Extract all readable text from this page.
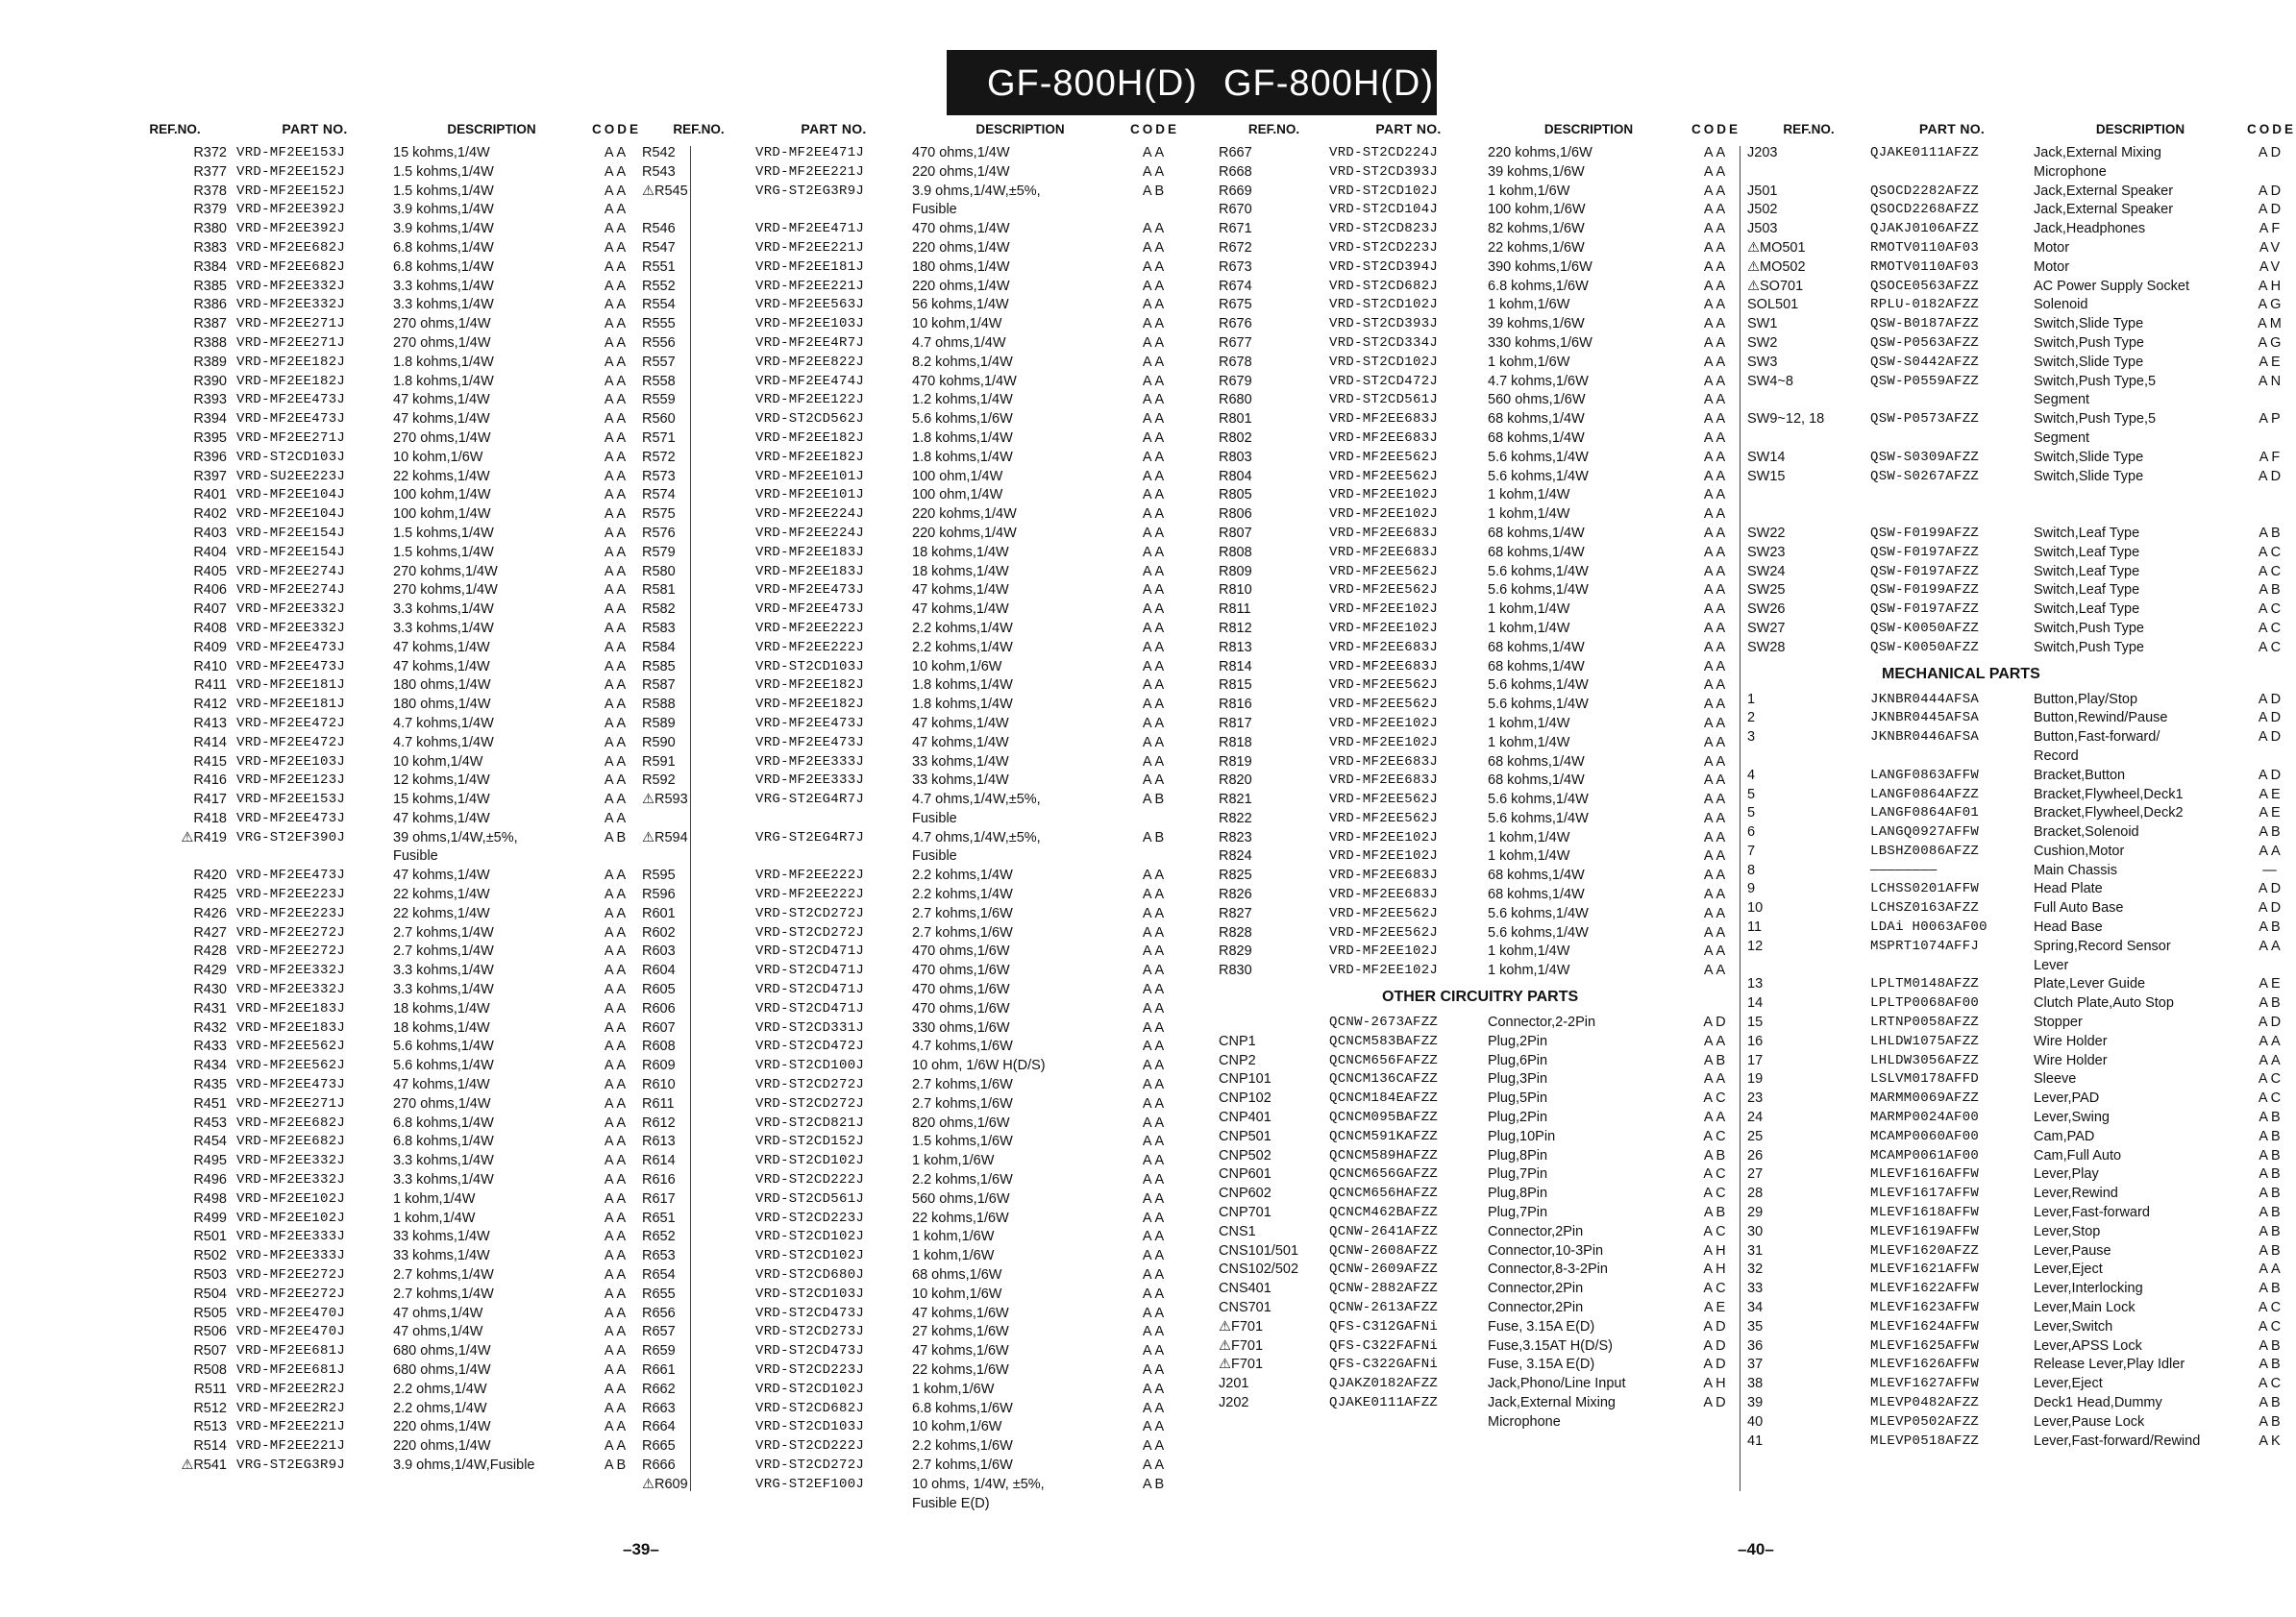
GF-800H(D) GF-800H(D)
REF.NO.	PART NO.	DESCRIPTION	CODE
R372 VRD-MF2EE153J	15 kohms,1/4W	AA
R377 VRD-MF2EE152J	1.5 kohms,1/4W	AA
R378 VRD-MF2EE152J	1.5 kohms,1/4W	AA
R379 VRD-MF2EE392J	3.9 kohms,1/4W	AA
R380 VRD-MF2EE392J	3.9 kohms,1/4W	AA
R383 VRD-MF2EE682J	6.8 kohms,1/4W	AA
R384 VRD-MF2EE682J	6.8 kohms,1/4W	AA
R385 VRD-MF2EE332J	3.3 kohms,1/4W	AA
R386 VRD-MF2EE332J	3.3 kohms,1/4W	AA
R387 VRD-MF2EE271J	270 ohms,1/4W	AA
R388 VRD-MF2EE271J	270 ohms,1/4W	AA
R389 VRD-MF2EE182J	1.8 kohms,1/4W	AA
R390 VRD-MF2EE182J	1.8 kohms,1/4W	AA
R393 VRD-MF2EE473J	47 kohms,1/4W	AA
R394 VRD-MF2EE473J	47 kohms,1/4W	AA
R395 VRD-MF2EE271J	270 ohms,1/4W	AA
R396 VRD-ST2CD103J	10 kohm,1/6W	AA
R397 VRD-SU2EE223J	22 kohms,1/4W	AA
R401 VRD-MF2EE104J	100 kohm,1/4W	AA
R402 VRD-MF2EE104J	100 kohm,1/4W	AA
R403 VRD-MF2EE154J	1.5 kohms,1/4W	AA
R404 VRD-MF2EE154J	1.5 kohms,1/4W	AA
R405 VRD-MF2EE274J	270 kohms,1/4W	AA
R406 VRD-MF2EE274J	270 kohms,1/4W	AA
R407 VRD-MF2EE332J	3.3 kohms,1/4W	AA
R408 VRD-MF2EE332J	3.3 kohms,1/4W	AA
R409 VRD-MF2EE473J	47 kohms,1/4W	AA
R410 VRD-MF2EE473J	47 kohms,1/4W	AA
R411 VRD-MF2EE181J	180 ohms,1/4W	AA
R412 VRD-MF2EE181J	180 ohms,1/4W	AA
R413 VRD-MF2EE472J	4.7 kohms,1/4W	AA
R414 VRD-MF2EE472J	4.7 kohms,1/4W	AA
R415 VRD-MF2EE103J	10 kohm,1/4W	AA
R416 VRD-MF2EE123J	12 kohms,1/4W	AA
R417 VRD-MF2EE153J	15 kohms,1/4W	AA
R418 VRD-MF2EE473J	47 kohms,1/4W	AA
⚠R419 VRG-ST2EF390J	39 ohms,1/4W,±5%,	AB
Fusible
R420 VRD-MF2EE473J	47 kohms,1/4W	AA
R425 VRD-MF2EE223J	22 kohms,1/4W	AA
R426 VRD-MF2EE223J	22 kohms,1/4W	AA
R427 VRD-MF2EE272J	2.7 kohms,1/4W	AA
R428 VRD-MF2EE272J	2.7 kohms,1/4W	AA
R429 VRD-MF2EE332J	3.3 kohms,1/4W	AA
R430 VRD-MF2EE332J	3.3 kohms,1/4W	AA
R431 VRD-MF2EE183J	18 kohms,1/4W	AA
R432 VRD-MF2EE183J	18 kohms,1/4W	AA
R433 VRD-MF2EE562J	5.6 kohms,1/4W	AA
R434 VRD-MF2EE562J	5.6 kohms,1/4W	AA
R435 VRD-MF2EE473J	47 kohms,1/4W	AA
R451 VRD-MF2EE271J	270 ohms,1/4W	AA
R453 VRD-MF2EE682J	6.8 kohms,1/4W	AA
R454 VRD-MF2EE682J	6.8 kohms,1/4W	AA
R495 VRD-MF2EE332J	3.3 kohms,1/4W	AA
R496 VRD-MF2EE332J	3.3 kohms,1/4W	AA
R498 VRD-MF2EE102J	1 kohm,1/4W	AA
R499 VRD-MF2EE102J	1 kohm,1/4W	AA
R501 VRD-MF2EE333J	33 kohms,1/4W	AA
R502 VRD-MF2EE333J	33 kohms,1/4W	AA
R503 VRD-MF2EE272J	2.7 kohms,1/4W	AA
R504 VRD-MF2EE272J	2.7 kohms,1/4W	AA
R505 VRD-MF2EE470J	47 ohms,1/4W	AA
R506 VRD-MF2EE470J	47 ohms,1/4W	AA
R507 VRD-MF2EE681J	680 ohms,1/4W	AA
R508 VRD-MF2EE681J	680 ohms,1/4W	AA
R511 VRD-MF2EE2R2J	2.2 ohms,1/4W	AA
R512 VRD-MF2EE2R2J	2.2 ohms,1/4W	AA
R513 VRD-MF2EE221J	220 ohms,1/4W	AA
R514 VRD-MF2EE221J	220 ohms,1/4W	AA
⚠R541 VRG-ST2EG3R9J	3.9 ohms,1/4W,Fusible	AB
REF.NO.	PART NO.	DESCRIPTION	CODE
R542	VRD-MF2EE471J	470 ohms,1/4W	AA
R543	VRD-MF2EE221J	220 ohms,1/4W	AA
⚠R545	VRG-ST2EG3R9J	3.9 ohms,1/4W,±5%,	AB
Fusible
R546	VRD-MF2EE471J	470 ohms,1/4W	AA
R547	VRD-MF2EE221J	220 ohms,1/4W	AA
R551	VRD-MF2EE181J	180 ohms,1/4W	AA
R552	VRD-MF2EE221J	220 ohms,1/4W	AA
R554	VRD-MF2EE563J	56 kohms,1/4W	AA
R555	VRD-MF2EE103J	10 kohm,1/4W	AA
R556	VRD-MF2EE4R7J	4.7 ohms,1/4W	AA
R557	VRD-MF2EE822J	8.2 kohms,1/4W	AA
R558	VRD-MF2EE474J	470 kohms,1/4W	AA
R559	VRD-MF2EE122J	1.2 kohms,1/4W	AA
R560	VRD-ST2CD562J	5.6 kohms,1/6W	AA
R571	VRD-MF2EE182J	1.8 kohms,1/4W	AA
R572	VRD-MF2EE182J	1.8 kohms,1/4W	AA
R573	VRD-MF2EE101J	100 ohm,1/4W	AA
R574	VRD-MF2EE101J	100 ohm,1/4W	AA
R575	VRD-MF2EE224J	220 kohms,1/4W	AA
R576	VRD-MF2EE224J	220 kohms,1/4W	AA
R579	VRD-MF2EE183J	18 kohms,1/4W	AA
R580	VRD-MF2EE183J	18 kohms,1/4W	AA
R581	VRD-MF2EE473J	47 kohms,1/4W	AA
R582	VRD-MF2EE473J	47 kohms,1/4W	AA
R583	VRD-MF2EE222J	2.2 kohms,1/4W	AA
R584	VRD-MF2EE222J	2.2 kohms,1/4W	AA
R585	VRD-ST2CD103J	10 kohm,1/6W	AA
R587	VRD-MF2EE182J	1.8 kohms,1/4W	AA
R588	VRD-MF2EE182J	1.8 kohms,1/4W	AA
R589	VRD-MF2EE473J	47 kohms,1/4W	AA
R590	VRD-MF2EE473J	47 kohms,1/4W	AA
R591	VRD-MF2EE333J	33 kohms,1/4W	AA
R592	VRD-MF2EE333J	33 kohms,1/4W	AA
⚠R593	VRG-ST2EG4R7J	4.7 ohms,1/4W,±5%,	AB
Fusible
⚠R594	VRG-ST2EG4R7J	4.7 ohms,1/4W,±5%,	AB
Fusible
R595	VRD-MF2EE222J	2.2 kohms,1/4W	AA
R596	VRD-MF2EE222J	2.2 kohms,1/4W	AA
R601	VRD-ST2CD272J	2.7 kohms,1/6W	AA
R602	VRD-ST2CD272J	2.7 kohms,1/6W	AA
R603	VRD-ST2CD471J	470 ohms,1/6W	AA
R604	VRD-ST2CD471J	470 ohms,1/6W	AA
R605	VRD-ST2CD471J	470 ohms,1/6W	AA
R606	VRD-ST2CD471J	470 ohms,1/6W	AA
R607	VRD-ST2CD331J	330 ohms,1/6W	AA
R608	VRD-ST2CD472J	4.7 kohms,1/6W	AA
R609	VRD-ST2CD100J	10 ohm, 1/6W H(D/S)	AA
R610	VRD-ST2CD272J	2.7 kohms,1/6W	AA
R611	VRD-ST2CD272J	2.7 kohms,1/6W	AA
R612	VRD-ST2CD821J	820 ohms,1/6W	AA
R613	VRD-ST2CD152J	1.5 kohms,1/6W	AA
R614	VRD-ST2CD102J	1 kohm,1/6W	AA
R616	VRD-ST2CD222J	2.2 kohms,1/6W	AA
R617	VRD-ST2CD561J	560 ohms,1/6W	AA
R651	VRD-ST2CD223J	22 kohms,1/6W	AA
R652	VRD-ST2CD102J	1 kohm,1/6W	AA
R653	VRD-ST2CD102J	1 kohm,1/6W	AA
R654	VRD-ST2CD680J	68 ohms,1/6W	AA
R655	VRD-ST2CD103J	10 kohm,1/6W	AA
R656	VRD-ST2CD473J	47 kohms,1/6W	AA
R657	VRD-ST2CD273J	27 kohms,1/6W	AA
R659	VRD-ST2CD473J	47 kohms,1/6W	AA
R661	VRD-ST2CD223J	22 kohms,1/6W	AA
R662	VRD-ST2CD102J	1 kohm,1/6W	AA
R663	VRD-ST2CD682J	6.8 kohms,1/6W	AA
R664	VRD-ST2CD103J	10 kohm,1/6W	AA
R665	VRD-ST2CD222J	2.2 kohms,1/6W	AA
R666	VRD-ST2CD272J	2.7 kohms,1/6W	AA
⚠R609	VRG-ST2EF100J	10 ohms, 1/4W, ±5%,	AB
Fusible E(D)
REF.NO.	PART NO.	DESCRIPTION	CODE
R667	VRD-ST2CD224J	220 kohms,1/6W	AA
R668	VRD-ST2CD393J	39 kohms,1/6W	AA
R669	VRD-ST2CD102J	1 kohm,1/6W	AA
R670	VRD-ST2CD104J	100 kohm,1/6W	AA
R671	VRD-ST2CD823J	82 kohms,1/6W	AA
R672	VRD-ST2CD223J	22 kohms,1/6W	AA
R673	VRD-ST2CD394J	390 kohms,1/6W	AA
R674	VRD-ST2CD682J	6.8 kohms,1/6W	AA
R675	VRD-ST2CD102J	1 kohm,1/6W	AA
R676	VRD-ST2CD393J	39 kohms,1/6W	AA
R677	VRD-ST2CD334J	330 kohms,1/6W	AA
R678	VRD-ST2CD102J	1 kohm,1/6W	AA
R679	VRD-ST2CD472J	4.7 kohms,1/6W	AA
R680	VRD-ST2CD561J	560 ohms,1/6W	AA
R801	VRD-MF2EE683J	68 kohms,1/4W	AA
R802	VRD-MF2EE683J	68 kohms,1/4W	AA
R803	VRD-MF2EE562J	5.6 kohms,1/4W	AA
R804	VRD-MF2EE562J	5.6 kohms,1/4W	AA
R805	VRD-MF2EE102J	1 kohm,1/4W	AA
R806	VRD-MF2EE102J	1 kohm,1/4W	AA
R807	VRD-MF2EE683J	68 kohms,1/4W	AA
R808	VRD-MF2EE683J	68 kohms,1/4W	AA
R809	VRD-MF2EE562J	5.6 kohms,1/4W	AA
R810	VRD-MF2EE562J	5.6 kohms,1/4W	AA
R811	VRD-MF2EE102J	1 kohm,1/4W	AA
R812	VRD-MF2EE102J	1 kohm,1/4W	AA
R813	VRD-MF2EE683J	68 kohms,1/4W	AA
R814	VRD-MF2EE683J	68 kohms,1/4W	AA
R815	VRD-MF2EE562J	5.6 kohms,1/4W	AA
R816	VRD-MF2EE562J	5.6 kohms,1/4W	AA
R817	VRD-MF2EE102J	1 kohm,1/4W	AA
R818	VRD-MF2EE102J	1 kohm,1/4W	AA
R819	VRD-MF2EE683J	68 kohms,1/4W	AA
R820	VRD-MF2EE683J	68 kohms,1/4W	AA
R821	VRD-MF2EE562J	5.6 kohms,1/4W	AA
R822	VRD-MF2EE562J	5.6 kohms,1/4W	AA
R823	VRD-MF2EE102J	1 kohm,1/4W	AA
R824	VRD-MF2EE102J	1 kohm,1/4W	AA
R825	VRD-MF2EE683J	68 kohms,1/4W	AA
R826	VRD-MF2EE683J	68 kohms,1/4W	AA
R827	VRD-MF2EE562J	5.6 kohms,1/4W	AA
R828	VRD-MF2EE562J	5.6 kohms,1/4W	AA
R829	VRD-MF2EE102J	1 kohm,1/4W	AA
R830	VRD-MF2EE102J	1 kohm,1/4W	AA
OTHER CIRCUITRY PARTS
QCNW-2673AFZZ	Connector,2-2Pin	AD
CNP1	QCNCM583BAFZZ	Plug,2Pin	AA
CNP2	QCNCM656FAFZZ	Plug,6Pin	AB
CNP101	QCNCM136CAFZZ	Plug,3Pin	AA
CNP102	QCNCM184EAFZZ	Plug,5Pin	AC
CNP401	QCNCM095BAFZZ	Plug,2Pin	AA
CNP501	QCNCM591KAFZZ	Plug,10Pin	AC
CNP502	QCNCM589HAFZZ	Plug,8Pin	AB
CNP601	QCNCM656GAFZZ	Plug,7Pin	AC
CNP602	QCNCM656HAFZZ	Plug,8Pin	AC
CNP701	QCNCM462BAFZZ	Plug,7Pin	AB
CNS1	QCNW-2641AFZZ	Connector,2Pin	AC
CNS101/501	QCNW-2608AFZZ	Connector,10-3Pin	AH
CNS102/502	QCNW-2609AFZZ	Connector,8-3-2Pin	AH
CNS401	QCNW-2882AFZZ	Connector,2Pin	AC
CNS701	QCNW-2613AFZZ	Connector,2Pin	AE
⚠F701	QFS-C312GAFNi	Fuse, 3.15A E(D)	AD
⚠F701	QFS-C322FAFNi	Fuse,3.15AT H(D/S)	AD
⚠F701	QFS-C322GAFNi	Fuse, 3.15A E(D)	AD
J201	QJAKZ0182AFZZ	Jack,Phono/Line Input	AH
J202	QJAKE0111AFZZ	Jack,External Mixing	AD
Microphone
REF.NO.	PART NO.	DESCRIPTION	CODE
J203	QJAKE0111AFZZ	Jack,External Mixing	AD
Microphone
J501	QSOCD2282AFZZ	Jack,External Speaker	AD
J502	QSOCD2268AFZZ	Jack,External Speaker	AD
J503	QJAKJ0106AFZZ	Jack,Headphones	AF
⚠MO501	RMOTV0110AF03	Motor	AV
⚠MO502	RMOTV0110AF03	Motor	AV
⚠SO701	QSOCE0563AFZZ	AC Power Supply Socket	AH
SOL501	RPLU-0182AFZZ	Solenoid	AG
SW1	QSW-B0187AFZZ	Switch,Slide Type	AM
SW2	QSW-P0563AFZZ	Switch,Push Type	AG
SW3	QSW-S0442AFZZ	Switch,Slide Type	AE
SW4~8	QSW-P0559AFZZ	Switch,Push Type,5	AN
Segment
SW9~12, 18	QSW-P0573AFZZ	Switch,Push Type,5	AP
Segment
SW14	QSW-S0309AFZZ	Switch,Slide Type	AF
SW15	QSW-S0267AFZZ	Switch,Slide Type	AD
SW22	QSW-F0199AFZZ	Switch,Leaf Type	AB
SW23	QSW-F0197AFZZ	Switch,Leaf Type	AC
SW24	QSW-F0197AFZZ	Switch,Leaf Type	AC
SW25	QSW-F0199AFZZ	Switch,Leaf Type	AB
SW26	QSW-F0197AFZZ	Switch,Leaf Type	AC
SW27	QSW-K0050AFZZ	Switch,Push Type	AC
SW28	QSW-K0050AFZZ	Switch,Push Type	AC
MECHANICAL PARTS
1	JKNBR0444AFSA	Button,Play/Stop	AD
2	JKNBR0445AFSA	Button,Rewind/Pause	AD
3	JKNBR0446AFSA	Button,Fast-forward/	AD
Record
4	LANGF0863AFFW	Bracket,Button	AD
5	LANGF0864AFZZ	Bracket,Flywheel,Deck1	AE
5	LANGF0864AF01	Bracket,Flywheel,Deck2	AE
6	LANGQ0927AFFW	Bracket,Solenoid	AB
7	LBSHZ0086AFZZ	Cushion,Motor	AA
8	————————	Main Chassis	—
9	LCHSS0201AFFW	Head Plate	AD
10	LCHSZ0163AFZZ	Full Auto Base	AD
11	LDAi H0063AF00	Head Base	AB
12	MSPRT1074AFFJ	Spring,Record Sensor	AA
Lever
13	LPLTM0148AFZZ	Plate,Lever Guide	AE
14	LPLTP0068AF00	Clutch Plate,Auto Stop	AB
15	LRTNP0058AFZZ	Stopper	AD
16	LHLDW1075AFZZ	Wire Holder	AA
17	LHLDW3056AFZZ	Wire Holder	AA
19	LSLVM0178AFFD	Sleeve	AC
23	MARMM0069AFZZ	Lever,PAD	AC
24	MARMP0024AF00	Lever,Swing	AB
25	MCAMP0060AF00	Cam,PAD	AB
26	MCAMP0061AF00	Cam,Full Auto	AB
27	MLEVF1616AFFW	Lever,Play	AB
28	MLEVF1617AFFW	Lever,Rewind	AB
29	MLEVF1618AFFW	Lever,Fast-forward	AB
30	MLEVF1619AFFW	Lever,Stop	AB
31	MLEVF1620AFZZ	Lever,Pause	AB
32	MLEVF1621AFFW	Lever,Eject	AA
33	MLEVF1622AFFW	Lever,Interlocking	AB
34	MLEVF1623AFFW	Lever,Main Lock	AC
35	MLEVF1624AFFW	Lever,Switch	AC
36	MLEVF1625AFFW	Lever,APSS Lock	AB
37	MLEVF1626AFFW	Release Lever,Play Idler	AB
38	MLEVF1627AFFW	Lever,Eject	AC
39	MLEVP0482AFZZ	Deck1 Head,Dummy	AB
40	MLEVP0502AFZZ	Lever,Pause Lock	AB
41	MLEVP0518AFZZ	Lever,Fast-forward/Rewind	AK
–39–	–40–
